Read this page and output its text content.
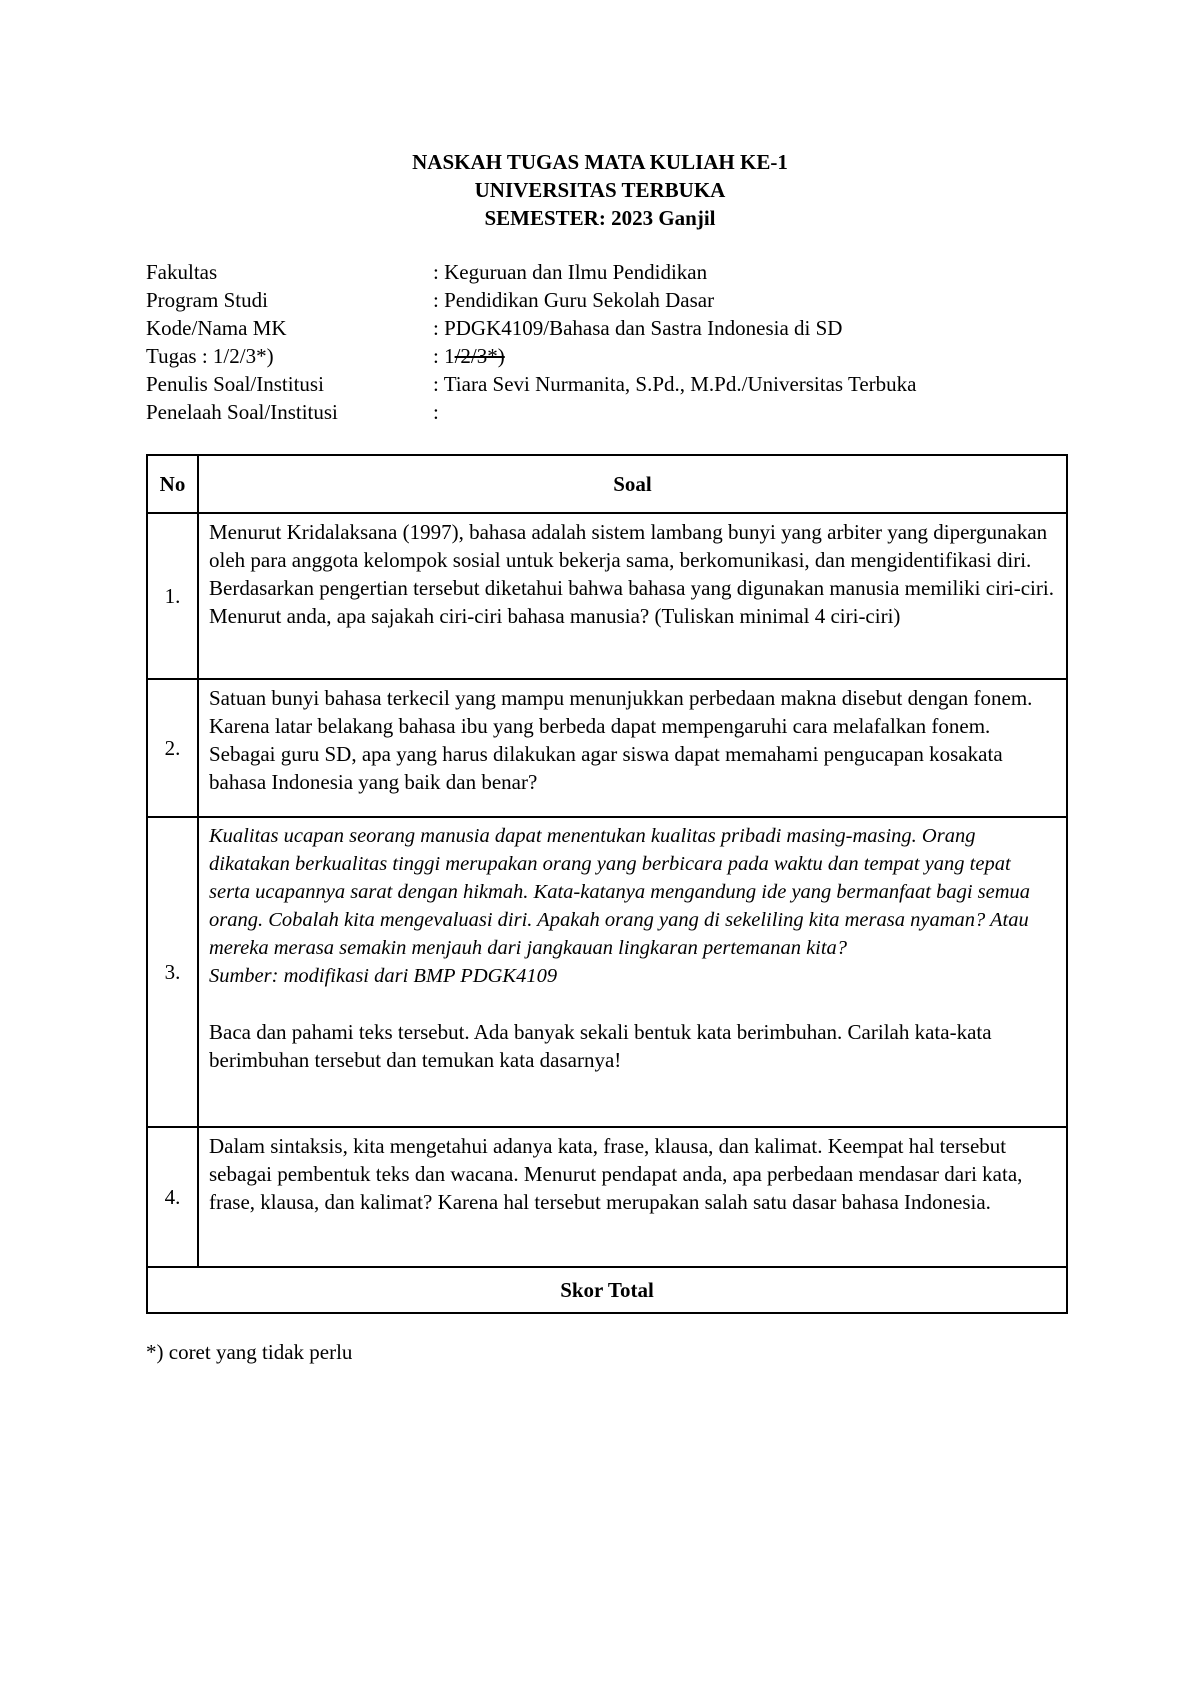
NASKAH TUGAS MATA KULIAH KE-1
UNIVERSITAS TERBUKA
SEMESTER: 2023 Ganjil
Fakultas	: Keguruan dan Ilmu Pendidikan
Program Studi	: Pendidikan Guru Sekolah Dasar
Kode/Nama MK	: PDGK4109/Bahasa dan Sastra Indonesia di SD
Tugas : 1/2/3*)	: 1/2/3*)
Penulis Soal/Institusi	: Tiara Sevi Nurmanita, S.Pd., M.Pd./Universitas Terbuka
Penelaah Soal/Institusi	:
No	Soal
1.	Menurut Kridalaksana (1997), bahasa adalah sistem lambang bunyi yang arbiter yang dipergunakan oleh para anggota kelompok sosial untuk bekerja sama, berkomunikasi, dan mengidentifikasi diri. Berdasarkan pengertian tersebut diketahui bahwa bahasa yang digunakan manusia memiliki ciri-ciri. Menurut anda, apa sajakah ciri-ciri bahasa manusia? (Tuliskan minimal 4 ciri-ciri)

2.	Satuan bunyi bahasa terkecil yang mampu menunjukkan perbedaan makna disebut dengan fonem. Karena latar belakang bahasa ibu yang berbeda dapat mempengaruhi cara melafalkan fonem. Sebagai guru SD, apa yang harus dilakukan agar siswa dapat memahami pengucapan kosakata bahasa Indonesia yang baik dan benar?

3.	Kualitas ucapan seorang manusia dapat menentukan kualitas pribadi masing-masing. Orang dikatakan berkualitas tinggi merupakan orang yang berbicara pada waktu dan tempat yang tepat serta ucapannya sarat dengan hikmah. Kata-katanya mengandung ide yang bermanfaat bagi semua orang. Cobalah kita mengevaluasi diri. Apakah orang yang di sekeliling kita merasa nyaman? Atau mereka merasa semakin menjauh dari jangkauan lingkaran pertemanan kita?

Sumber: modifikasi dari BMP PDGK4109

Baca dan pahami teks tersebut. Ada banyak sekali bentuk kata berimbuhan. Carilah kata-kata berimbuhan tersebut dan temukan kata dasarnya!

4.	Dalam sintaksis, kita mengetahui adanya kata, frase, klausa, dan kalimat. Keempat hal tersebut sebagai pembentuk teks dan wacana. Menurut pendapat anda, apa perbedaan mendasar dari kata, frase, klausa, dan kalimat? Karena hal tersebut merupakan salah satu dasar bahasa Indonesia.

Skor Total	
*) coret yang tidak perlu
